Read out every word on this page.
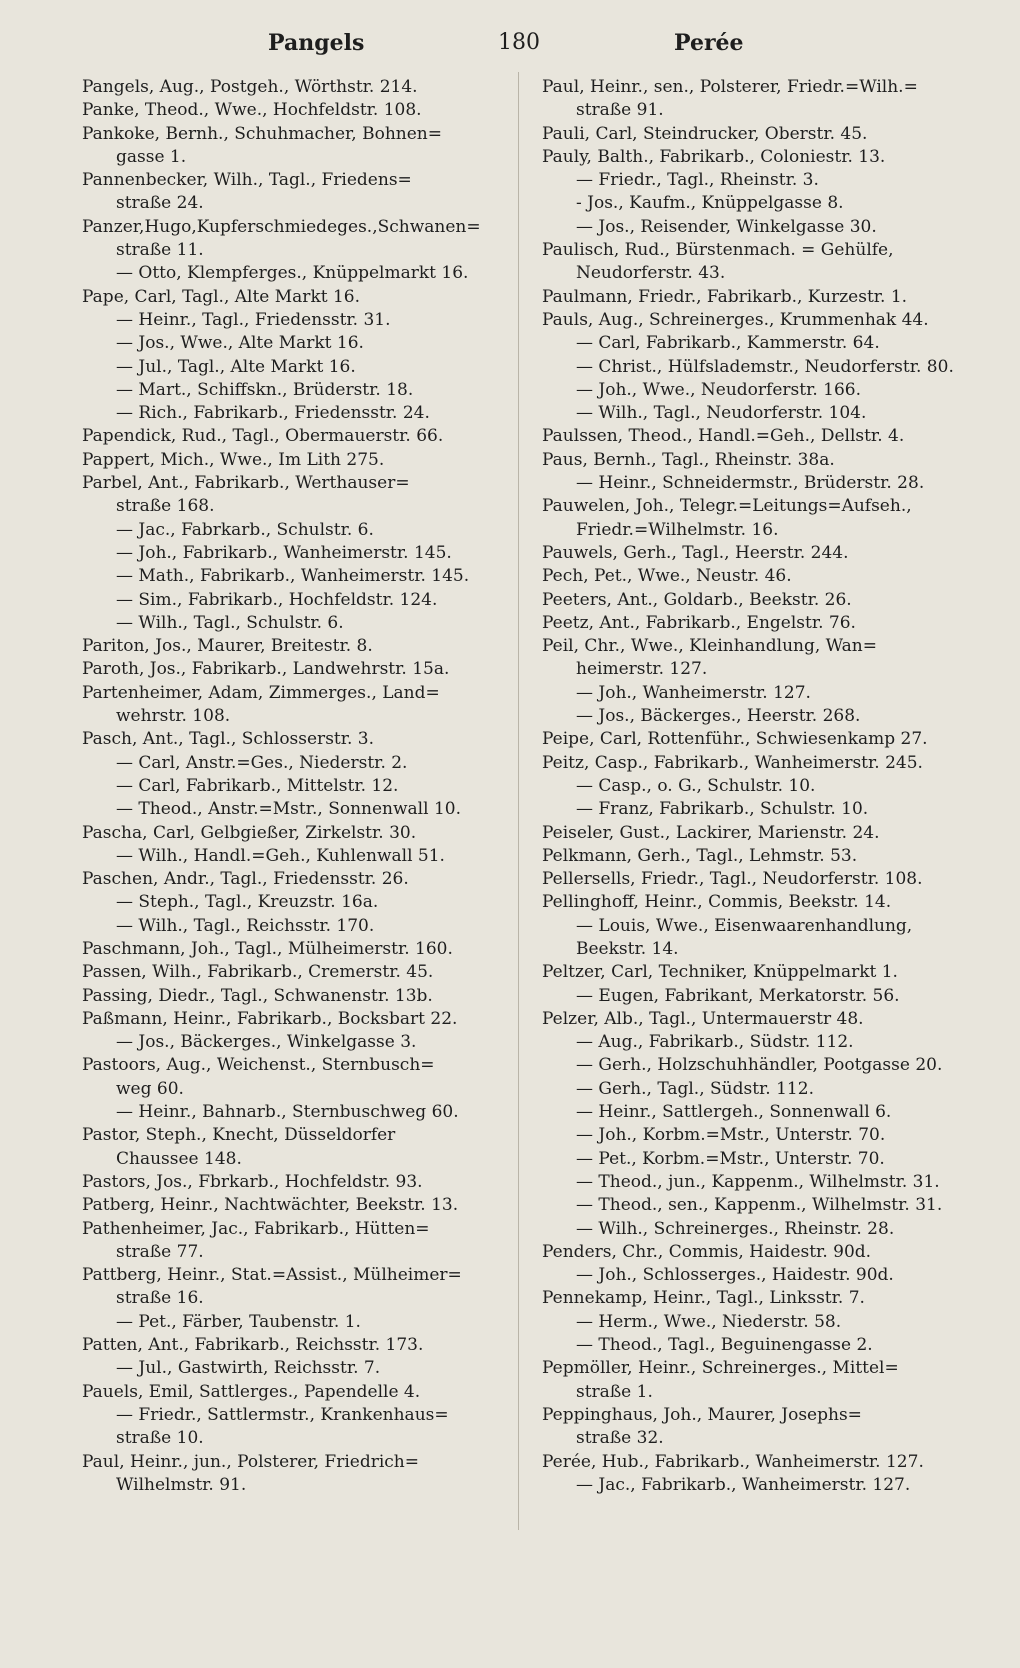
Pangels	180	Perée
Pangels, Aug., Postgeh., Wörthstr. 214.
Panke, Theod., Wwe., Hochfeldstr. 108.
Pankoke, Bernh., Schuhmacher, Bohnen=
gasse 1.
Pannenbecker, Wilh., Tagl., Friedens=
straße 24.
Panzer,Hugo,Kupferschmiedeges.,Schwanen=
straße 11.
— Otto, Klempferges., Knüppelmarkt 16.
Pape, Carl, Tagl., Alte Markt 16.
— Heinr., Tagl., Friedensstr. 31.
— Jos., Wwe., Alte Markt 16.
— Jul., Tagl., Alte Markt 16.
— Mart., Schiffskn., Brüderstr. 18.
— Rich., Fabrikarb., Friedensstr. 24.
Papendick, Rud., Tagl., Obermauerstr. 66.
Pappert, Mich., Wwe., Im Lith 275.
Parbel, Ant., Fabrikarb., Werthauser=
straße 168.
— Jac., Fabrkarb., Schulstr. 6.
— Joh., Fabrikarb., Wanheimerstr. 145.
— Math., Fabrikarb., Wanheimerstr. 145.
— Sim., Fabrikarb., Hochfeldstr. 124.
— Wilh., Tagl., Schulstr. 6.
Pariton, Jos., Maurer, Breitestr. 8.
Paroth, Jos., Fabrikarb., Landwehrstr. 15a.
Partenheimer, Adam, Zimmerges., Land=
wehrstr. 108.
Pasch, Ant., Tagl., Schlosserstr. 3.
— Carl, Anstr.=Ges., Niederstr. 2.
— Carl, Fabrikarb., Mittelstr. 12.
— Theod., Anstr.=Mstr., Sonnenwall 10.
Pascha, Carl, Gelbgießer, Zirkelstr. 30.
— Wilh., Handl.=Geh., Kuhlenwall 51.
Paschen, Andr., Tagl., Friedensstr. 26.
— Steph., Tagl., Kreuzstr. 16a.
— Wilh., Tagl., Reichsstr. 170.
Paschmann, Joh., Tagl., Mülheimerstr. 160.
Passen, Wilh., Fabrikarb., Cremerstr. 45.
Passing, Diedr., Tagl., Schwanenstr. 13b.
Paßmann, Heinr., Fabrikarb., Bocksbart 22.
— Jos., Bäckerges., Winkelgasse 3.
Pastoors, Aug., Weichenst., Sternbusch=
weg 60.
— Heinr., Bahnarb., Sternbuschweg 60.
Pastor, Steph., Knecht, Düsseldorfer
Chaussee 148.
Pastors, Jos., Fbrkarb., Hochfeldstr. 93.
Patberg, Heinr., Nachtwächter, Beekstr. 13.
Pathenheimer, Jac., Fabrikarb., Hütten=
straße 77.
Pattberg, Heinr., Stat.=Assist., Mülheimer=
straße 16.
— Pet., Färber, Taubenstr. 1.
Patten, Ant., Fabrikarb., Reichsstr. 173.
— Jul., Gastwirth, Reichsstr. 7.
Pauels, Emil, Sattlerges., Papendelle 4.
— Friedr., Sattlermstr., Krankenhaus=
straße 10.
Paul, Heinr., jun., Polsterer, Friedrich=
Wilhelmstr. 91.
Paul, Heinr., sen., Polsterer, Friedr.=Wilh.=
straße 91.
Pauli, Carl, Steindrucker, Oberstr. 45.
Pauly, Balth., Fabrikarb., Coloniestr. 13.
— Friedr., Tagl., Rheinstr. 3.
- Jos., Kaufm., Knüppelgasse 8.
— Jos., Reisender, Winkelgasse 30.
Paulisch, Rud., Bürstenmach. = Gehülfe,
Neudorferstr. 43.
Paulmann, Friedr., Fabrikarb., Kurzestr. 1.
Pauls, Aug., Schreinerges., Krummenhak 44.
— Carl, Fabrikarb., Kammerstr. 64.
— Christ., Hülfslademstr., Neudorferstr. 80.
— Joh., Wwe., Neudorferstr. 166.
— Wilh., Tagl., Neudorferstr. 104.
Paulssen, Theod., Handl.=Geh., Dellstr. 4.
Paus, Bernh., Tagl., Rheinstr. 38a.
— Heinr., Schneidermstr., Brüderstr. 28.
Pauwelen, Joh., Telegr.=Leitungs=Aufseh.,
Friedr.=Wilhelmstr. 16.
Pauwels, Gerh., Tagl., Heerstr. 244.
Pech, Pet., Wwe., Neustr. 46.
Peeters, Ant., Goldarb., Beekstr. 26.
Peetz, Ant., Fabrikarb., Engelstr. 76.
Peil, Chr., Wwe., Kleinhandlung, Wan=
heimerstr. 127.
— Joh., Wanheimerstr. 127.
— Jos., Bäckerges., Heerstr. 268.
Peipe, Carl, Rottenführ., Schwiesenkamp 27.
Peitz, Casp., Fabrikarb., Wanheimerstr. 245.
— Casp., o. G., Schulstr. 10.
— Franz, Fabrikarb., Schulstr. 10.
Peiseler, Gust., Lackirer, Marienstr. 24.
Pelkmann, Gerh., Tagl., Lehmstr. 53.
Pellersells, Friedr., Tagl., Neudorferstr. 108.
Pellinghoff, Heinr., Commis, Beekstr. 14.
— Louis, Wwe., Eisenwaarenhandlung,
Beekstr. 14.
Peltzer, Carl, Techniker, Knüppelmarkt 1.
— Eugen, Fabrikant, Merkatorstr. 56.
Pelzer, Alb., Tagl., Untermauerstr 48.
— Aug., Fabrikarb., Südstr. 112.
— Gerh., Holzschuhhändler, Pootgasse 20.
— Gerh., Tagl., Südstr. 112.
— Heinr., Sattlergeh., Sonnenwall 6.
— Joh., Korbm.=Mstr., Unterstr. 70.
— Pet., Korbm.=Mstr., Unterstr. 70.
— Theod., jun., Kappenm., Wilhelmstr. 31.
— Theod., sen., Kappenm., Wilhelmstr. 31.
— Wilh., Schreinerges., Rheinstr. 28.
Penders, Chr., Commis, Haidestr. 90d.
— Joh., Schlosserges., Haidestr. 90d.
Pennekamp, Heinr., Tagl., Linksstr. 7.
— Herm., Wwe., Niederstr. 58.
— Theod., Tagl., Beguinengasse 2.
Pepmöller, Heinr., Schreinerges., Mittel=
straße 1.
Peppinghaus, Joh., Maurer, Josephs=
straße 32.
Perée, Hub., Fabrikarb., Wanheimerstr. 127.
— Jac., Fabrikarb., Wanheimerstr. 127.
